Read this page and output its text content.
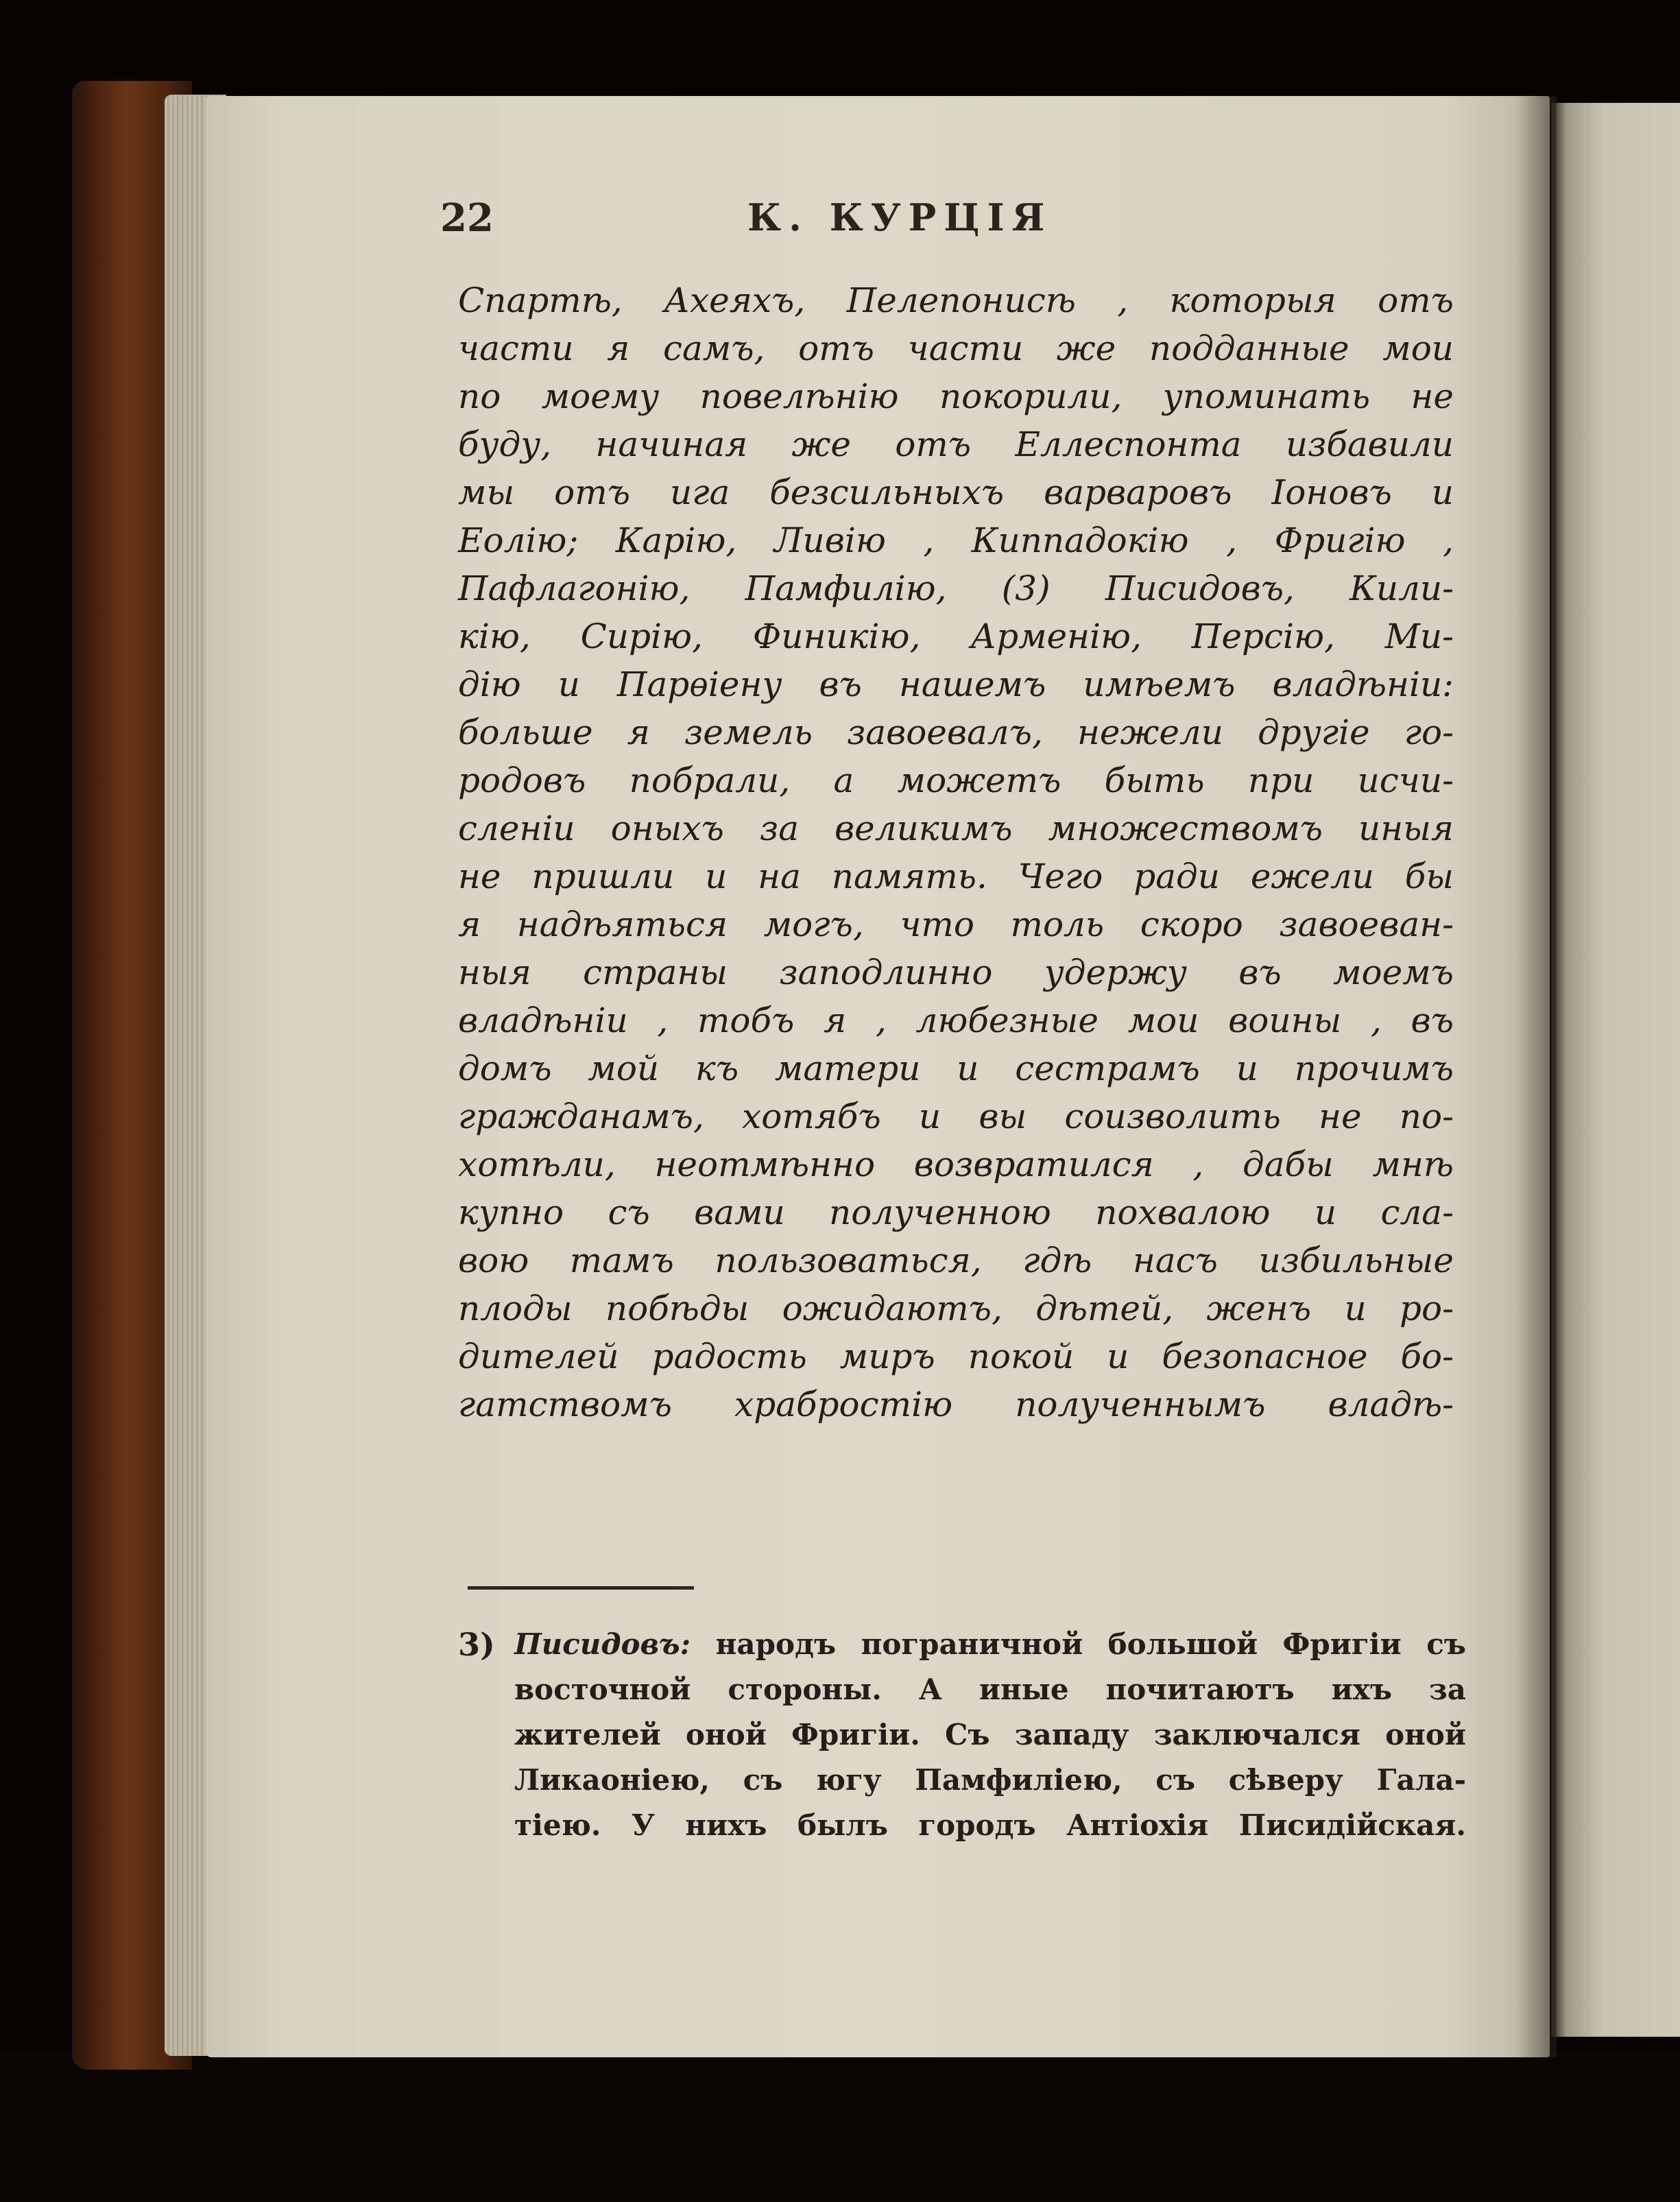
22	К. КУРЦІЯ
Спартѣ, Ахеяхъ, Пелепонисѣ , которыя отъ
части я самъ, отъ части же подданные мои
по моему повелѣнію покорили, упоминать не
буду, начиная же отъ Еллеспонта избавили
мы отъ ига безсильныхъ варваровъ Іоновъ и
Еолію; Карію, Ливію , Киппадокію , Фригію ,
Пафлагонію, Памфилію, (3) Писидовъ, Кили-
кію, Сирію, Финикію, Арменію, Персію, Ми-
дію и Парѳіену въ нашемъ имѣемъ владѣніи:
больше я земель завоевалъ, нежели другіе го-
родовъ побрали, а можетъ быть при исчи-
сленіи оныхъ за великимъ множествомъ иныя
не пришли и на память. Чего ради ежели бы
я надѣяться могъ, что толь скоро завоеван-
ныя страны заподлинно удержу въ моемъ
владѣніи , тобъ я , любезные мои воины , въ
домъ мой къ матери и сестрамъ и прочимъ
гражданамъ, хотябъ и вы соизволить не по-
хотѣли, неотмѣнно возвратился , дабы мнѣ
купно съ вами полученною похвалою и сла-
вою тамъ пользоваться, гдѣ насъ избильные
плоды побѣды ожидаютъ, дѣтей, женъ и ро-
дителей радость миръ покой и безопасное бо-
гатствомъ храбростію полученнымъ владѣ-
3) Писидовъ: народъ пограничной большой Фригіи съ
восточной стороны. А иные почитаютъ ихъ за
жителей оной Фригіи. Съ западу заключался оной
Ликаоніею, съ югу Памфиліею, съ сѣверу Гала-
тіею. У нихъ былъ городъ Антіохія Писидійская.
